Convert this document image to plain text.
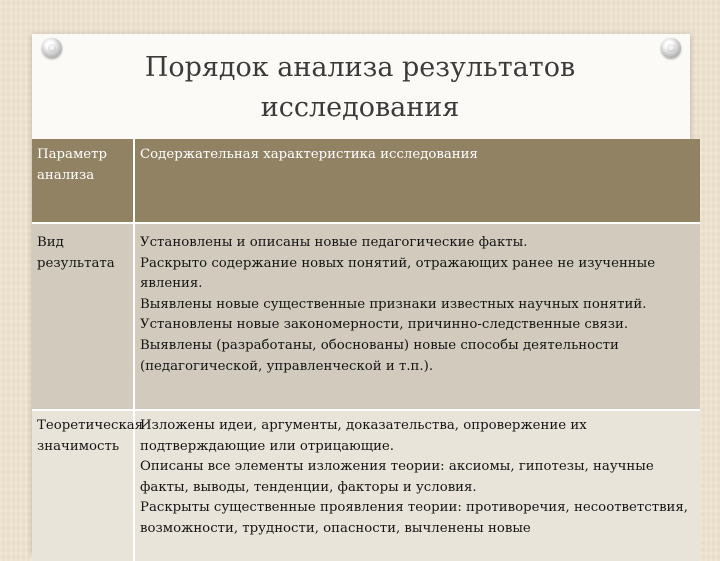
Порядок анализа результатов
исследования
Параметр анализа	Содержательная характеристика исследования
Вид результата	Установлены и описаны новые педагогические факты.
Раскрыто содержание новых понятий, отражающих ранее не изученные явления.
Выявлены новые существенные признаки известных научных понятий.
Установлены новые закономерности, причинно-следственные связи.
Выявлены (разработаны, обоснованы) новые способы деятельности (педагогической, управленческой и т.п.).

Теоретическая значимость	Изложены идеи, аргументы, доказательства, опровержение их подтверждающие или отрицающие.
Описаны все элементы изложения теории: аксиомы, гипотезы, научные факты, выводы, тенденции, факторы и условия.
Раскрыты существенные проявления теории: противоречия, несоответствия, возможности, трудности, опасности, вычленены новые
